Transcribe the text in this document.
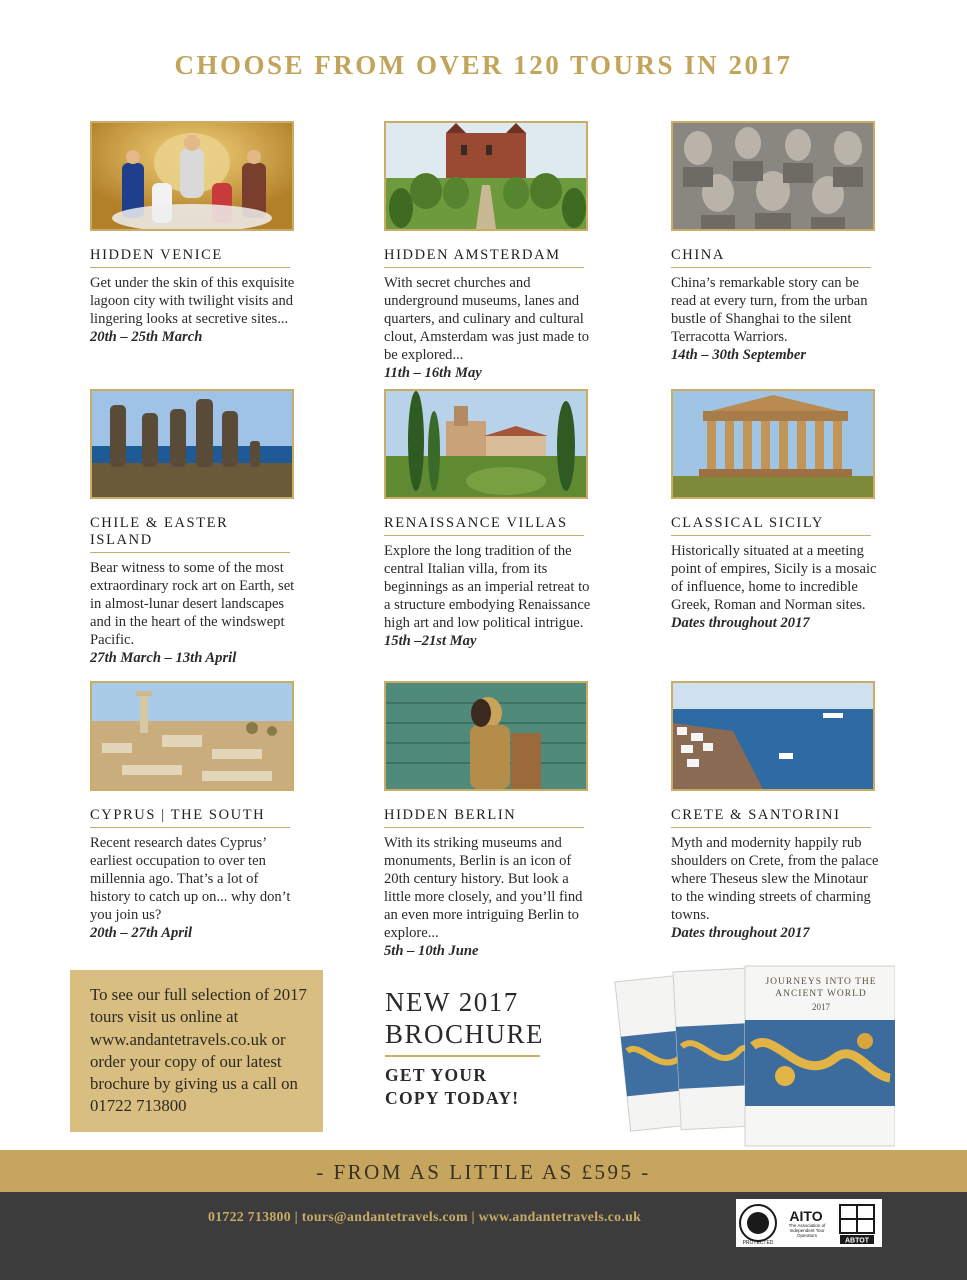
CHOOSE FROM OVER 120 TOURS IN 2017
HIDDEN VENICE
Get under the skin of this exquisite lagoon city with twilight visits and lingering looks at secretive sites...
20th – 25th March
HIDDEN AMSTERDAM
With secret churches and underground museums, lanes and quarters, and culinary and cultural clout, Amsterdam was just made to be explored...
11th – 16th May
CHINA
China’s remarkable story can be read at every turn, from the urban bustle of Shanghai to the silent Terracotta Warriors.
14th – 30th September
CHILE & EASTER ISLAND
Bear witness to some of the most extraordinary rock art on Earth, set in almost-lunar desert landscapes and in the heart of the windswept Pacific.
27th March – 13th April
RENAISSANCE VILLAS
Explore the long tradition of the central Italian villa, from its beginnings as an imperial retreat to a structure embodying Renaissance high art and low political intrigue.
15th –21st May
CLASSICAL SICILY
Historically situated at a meeting point of empires, Sicily is a mosaic of influence, home to incredible Greek, Roman and Norman sites.
Dates throughout 2017
CYPRUS | THE SOUTH
Recent research dates Cyprus’ earliest occupation to over ten millennia ago. That’s a lot of history to catch up on... why don’t you join us?
20th – 27th April
HIDDEN BERLIN
With its striking museums and monuments, Berlin is an icon of 20th century history. But look a little more closely, and you’ll find an even more intriguing Berlin to explore...
5th – 10th June
CRETE & SANTORINI
Myth and modernity happily rub shoulders on Crete, from the palace where Theseus slew the Minotaur to the winding streets of charming towns.
Dates throughout 2017
To see our full selection of 2017 tours visit us online at www.andantetravels.co.uk or order your copy of our latest brochure by giving us a call on 01722 713800
NEW 2017 BROCHURE
GET YOUR COPY TODAY!
JOURNEYS INTO THE ANCIENT WORLD
2017
- FROM AS LITTLE AS £595 -
01722 713800 | tours@andantetravels.com | www.andantetravels.co.uk
PROTECTED
AITO
The Association of Independent Tour Operators
ABTOT
